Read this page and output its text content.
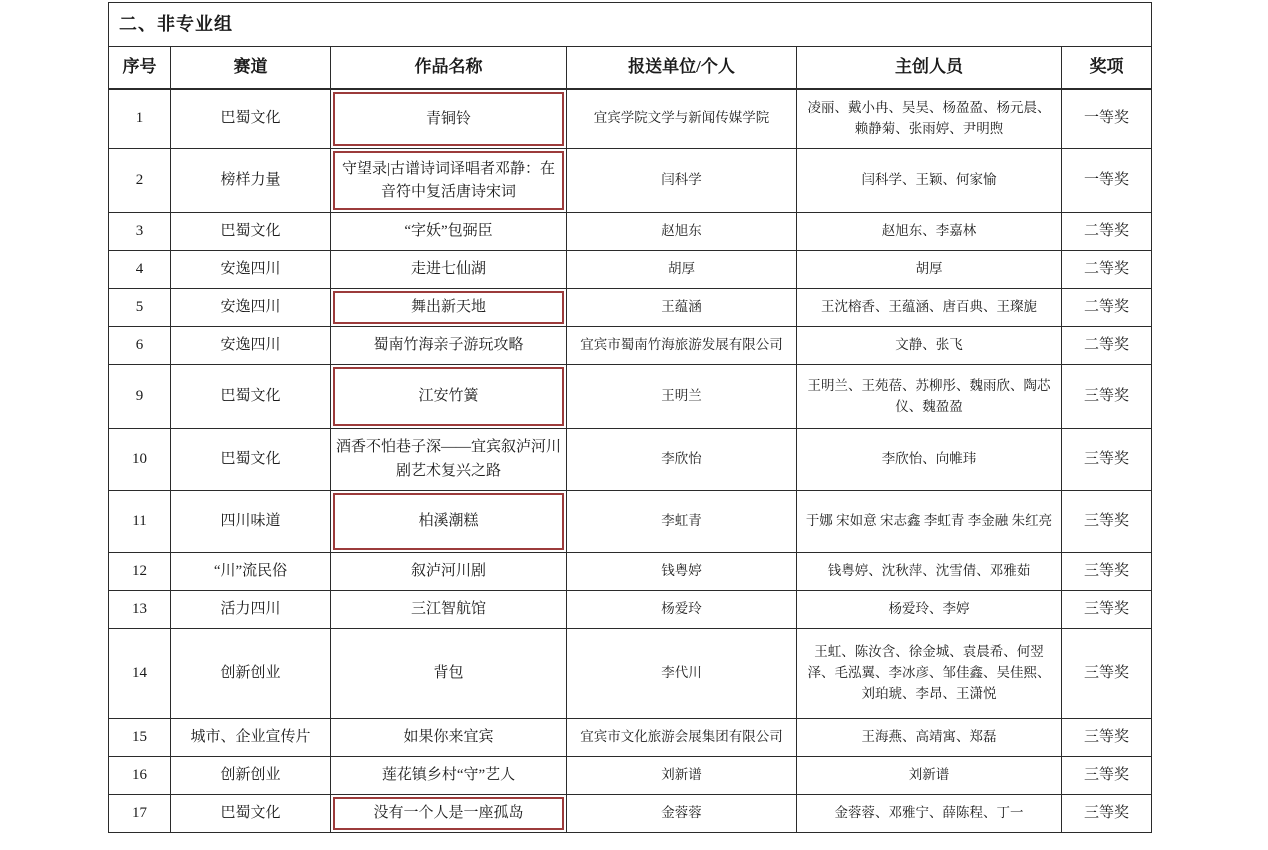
二、非专业组					
序号	赛道	作品名称	报送单位/个人	主创人员	奖项
1	巴蜀文化	青铜铃	宜宾学院文学与新闻传媒学院	凌丽、戴小冉、吴昊、杨盈盈、杨元晨、赖静菊、张雨婷、尹明煦	一等奖
2	榜样力量	守望录|古谱诗词译唱者邓静：在音符中复活唐诗宋词	闫科学	闫科学、王颖、何家愉	一等奖
3	巴蜀文化	“字妖”包弼臣	赵旭东	赵旭东、李嘉林	二等奖
4	安逸四川	走进七仙湖	胡厚	胡厚	二等奖
5	安逸四川	舞出新天地	王蕴涵	王沈榕香、王蕴涵、唐百典、王璨旎	二等奖
6	安逸四川	蜀南竹海亲子游玩攻略	宜宾市蜀南竹海旅游发展有限公司	文静、张飞	二等奖
9	巴蜀文化	江安竹簧	王明兰	王明兰、王苑蓓、苏柳彤、魏雨欣、陶芯仪、魏盈盈	三等奖
10	巴蜀文化	酒香不怕巷子深——宜宾叙泸河川剧艺术复兴之路	李欣怡	李欣怡、向帷玮	三等奖
11	四川味道	柏溪潮糕	李虹青	于娜 宋如意 宋志鑫 李虹青 李金融 朱红亮	三等奖
12	“川”流民俗	叙泸河川剧	钱粤婷	钱粤婷、沈秋萍、沈雪倩、邓雅茹	三等奖
13	活力四川	三江智航馆	杨爱玲	杨爱玲、李婷	三等奖
14	创新创业	背包	李代川	王虹、陈汝含、徐金城、袁晨希、何翌泽、毛泓翼、李冰彦、邹佳鑫、吴佳熙、刘珀琥、李昂、王潇悦	三等奖
15	城市、企业宣传片	如果你来宜宾	宜宾市文化旅游会展集团有限公司	王海燕、高靖寓、郑磊	三等奖
16	创新创业	莲花镇乡村“守”艺人	刘新谱	刘新谱	三等奖
17	巴蜀文化	没有一个人是一座孤岛	金蓉蓉	金蓉蓉、邓雅宁、薛陈程、丁一	三等奖
